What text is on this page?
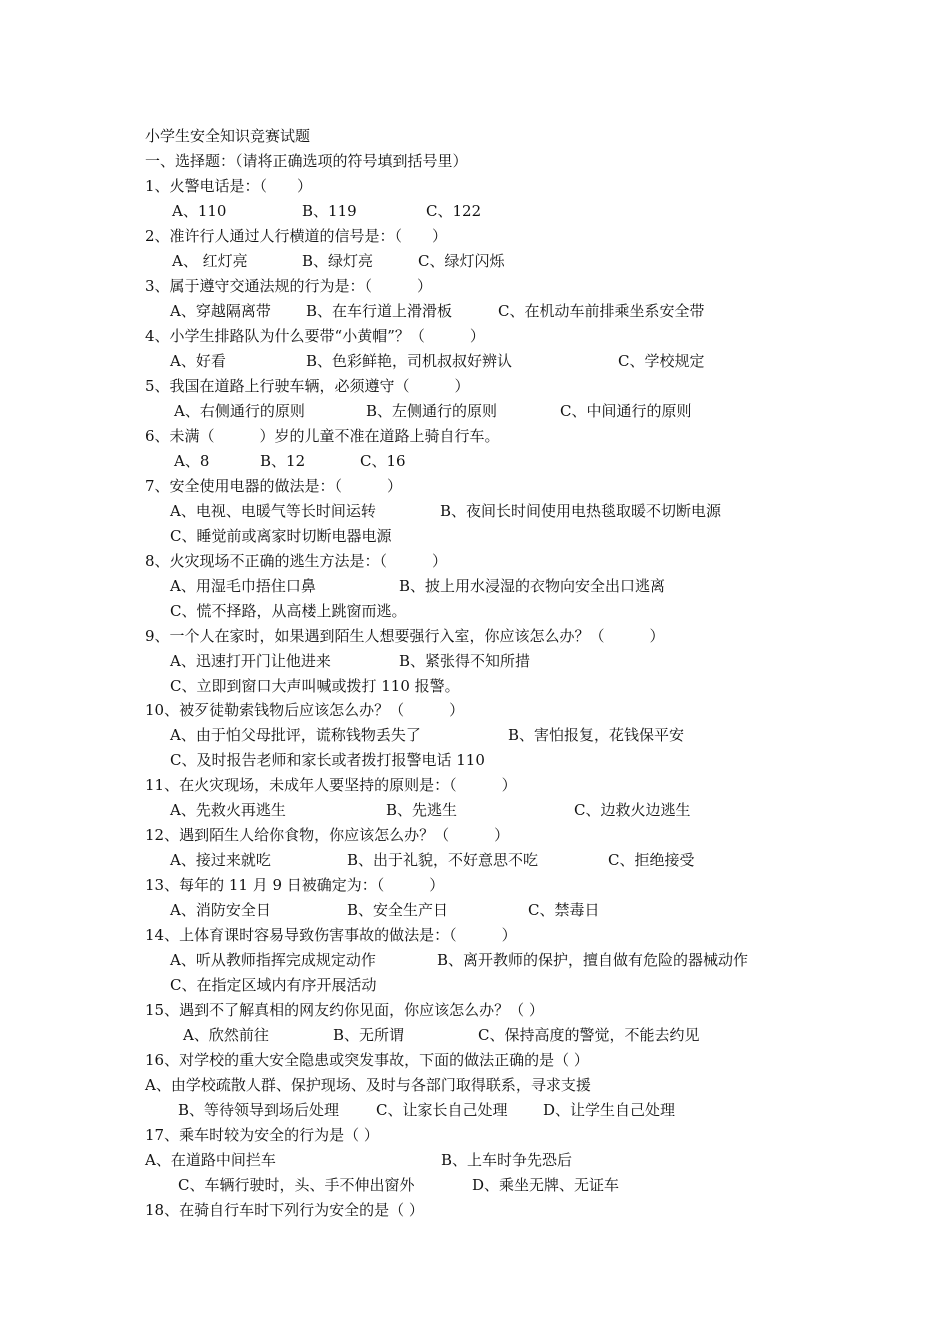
小学生安全知识竞赛试题
一、选择题：（请将正确选项的符号填到括号里）
1、火警电话是：（　　）

A、110

	B、119

	C、122

2、准许行人通过人行横道的信号是：（　　）

A、 红灯亮

	B、绿灯亮

	C、绿灯闪烁

3、属于遵守交通法规的行为是：（　　　）

A、穿越隔离带

B、在车行道上滑滑板

	C、在机动车前排乘坐系安全带

4、小学生排路队为什么要带“小黄帽”？（　　　）

A、好看

	B、色彩鲜艳，司机叔叔好辨认

	C、学校规定

5、我国在道路上行驶车辆，必须遵守（　　　）

A、右侧通行的原则

	B、左侧通行的原则

	C、中间通行的原则

6、未满（　　　）岁的儿童不准在道路上骑自行车。

A、8

	B、12

	C、16

7、安全使用电器的做法是：（　　　）

A、电视、电暖气等长时间运转

	B、夜间长时间使用电热毯取暖不切断电源

C、睡觉前或离家时切断电器电源
8、火灾现场不正确的逃生方法是：（　　　）

A、用湿毛巾捂住口鼻

	B、披上用水浸湿的衣物向安全出口逃离

C、慌不择路，从高楼上跳窗而逃。
9、一个人在家时，如果遇到陌生人想要强行入室，你应该怎么办？（　　　）

A、迅速打开门让他进来

	B、紧张得不知所措

C、立即到窗口大声叫喊或拨打 110 报警。
10、被歹徒勒索钱物后应该怎么办？（　　　）

A、由于怕父母批评，谎称钱物丢失了

	B、害怕报复，花钱保平安

C、及时报告老师和家长或者拨打报警电话 110
11、在火灾现场，未成年人要坚持的原则是：（　　　）

A、先救火再逃生

	B、先逃生

	C、边救火边逃生

12、遇到陌生人给你食物，你应该怎么办？（　　　）

A、接过来就吃

	B、出于礼貌，不好意思不吃

	C、拒绝接受

13、每年的 11 月 9 日被确定为：（　　　）

A、消防安全日

	B、安全生产日

	C、禁毒日

14、上体育课时容易导致伤害事故的做法是：（　　　）

A、听从教师指挥完成规定动作

	B、离开教师的保护，擅自做有危险的器械动作

C、在指定区域内有序开展活动
15、遇到不了解真相的网友约你见面，你应该怎么办？（ ）

A、欣然前往

	B、无所谓

	C、保持高度的警觉，不能去约见

16、对学校的重大安全隐患或突发事故，下面的做法正确的是（ ）
A、由学校疏散人群、保护现场、及时与各部门取得联系，寻求支援

B、等待领导到场后处理

C、让家长自己处理

D、让学生自己处理

17、乘车时较为安全的行为是（ ）

A、在道路中间拦车

	B、上车时争先恐后

C、车辆行驶时，头、手不伸出窗外

	D、乘坐无牌、无证车

18、在骑自行车时下列行为安全的是（ ）
